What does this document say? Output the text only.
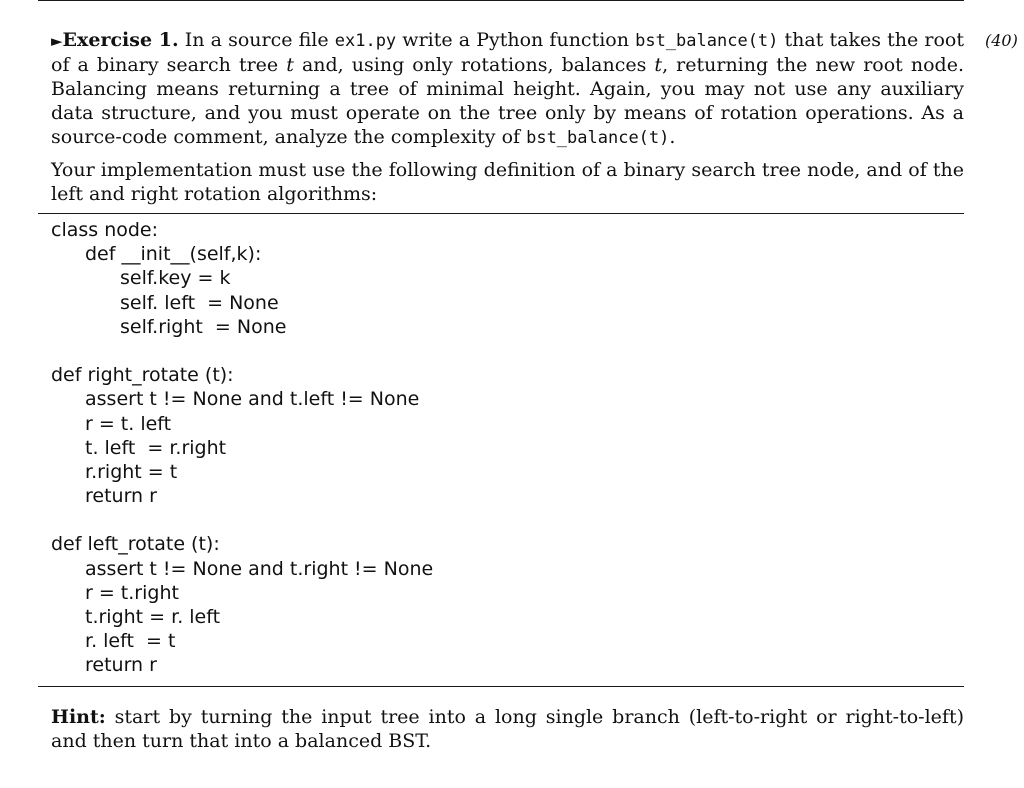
►Exercise 1. In a source file ex1.py write a Python function bst_balance(t) that takes the root of a binary search tree t and, using only rotations, balances t, returning the new root node. Balancing means returning a tree of minimal height. Again, you may not use any auxiliary data structure, and you must operate on the tree only by means of rotation operations. As a source-code comment, analyze the complexity of bst_balance(t).

(40)

Your implementation must use the following definition of a binary search tree node, and of the left and right rotation algorithms:

class node:
def __init__(self,k):
self.key = k
self. left  = None
self.right  = None
def right_rotate (t):
assert t != None and t.left != None
r = t. left
t. left  = r.right
r.right = t
return r
def left_rotate (t):
assert t != None and t.right != None
r = t.right
t.right = r. left
r. left  = t
return r

Hint: start by turning the input tree into a long single branch (left-to-right or right-to-left) and then turn that into a balanced BST.
